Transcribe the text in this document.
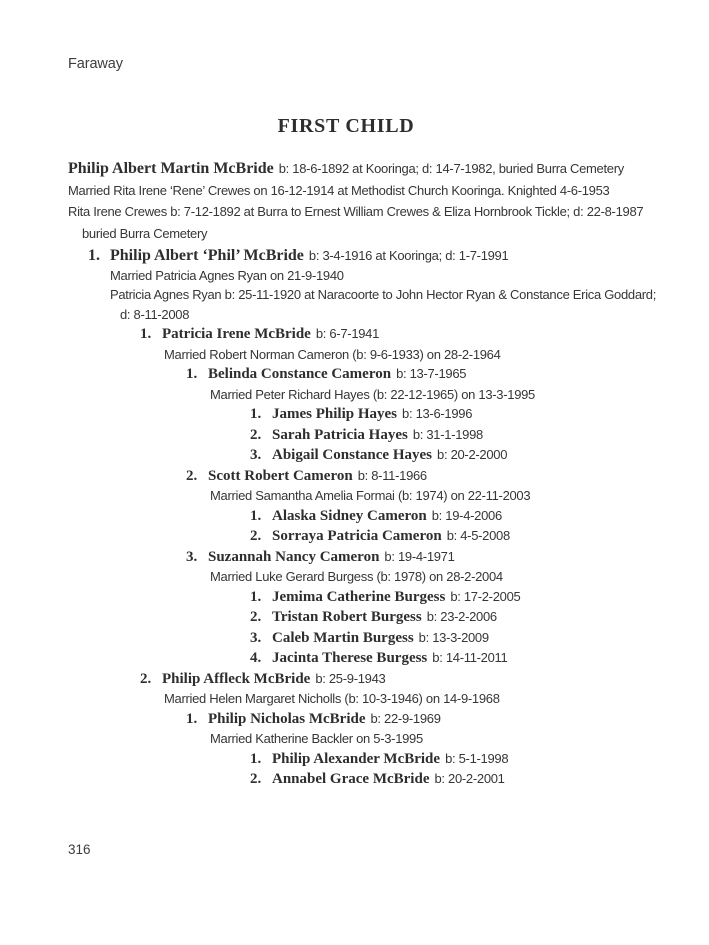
Faraway
FIRST CHILD

Philip Albert Martin McBride b: 18-6-1892 at Kooringa; d: 14-7-1982, buried Burra Cemetery

Married Rita Irene ‘Rene’ Crewes on 16-12-1914 at Methodist Church Kooringa. Knighted 4-6-1953

Rita Irene Crewes b: 7-12-1892 at Burra to Ernest William Crewes & Eliza Hornbrook Tickle; d: 22-8-1987

buried Burra Cemetery

1. Philip Albert ‘Phil’ McBride b: 3-4-1916 at Kooringa; d: 1-7-1991
Married Patricia Agnes Ryan on 21-9-1940
Patricia Agnes Ryan b: 25-11-1920 at Naracoorte to John Hector Ryan & Constance Erica Goddard;
d: 8-11-2008
1. Patricia Irene McBride b: 6-7-1941
Married Robert Norman Cameron (b: 9-6-1933) on 28-2-1964
1. Belinda Constance Cameron b: 13-7-1965
Married Peter Richard Hayes (b: 22-12-1965) on 13-3-1995
1. James Philip Hayes b: 13-6-1996
2. Sarah Patricia Hayes b: 31-1-1998
3. Abigail Constance Hayes b: 20-2-2000
2. Scott Robert Cameron b: 8-11-1966
Married Samantha Amelia Formai (b: 1974) on 22-11-2003
1. Alaska Sidney Cameron b: 19-4-2006
2. Sorraya Patricia Cameron b: 4-5-2008
3. Suzannah Nancy Cameron b: 19-4-1971
Married Luke Gerard Burgess (b: 1978) on 28-2-2004
1. Jemima Catherine Burgess b: 17-2-2005
2. Tristan Robert Burgess b: 23-2-2006
3. Caleb Martin Burgess b: 13-3-2009
4. Jacinta Therese Burgess b: 14-11-2011
2. Philip Affleck McBride b: 25-9-1943
Married Helen Margaret Nicholls (b: 10-3-1946) on 14-9-1968
1. Philip Nicholas McBride b: 22-9-1969
Married Katherine Backler on 5-3-1995
1. Philip Alexander McBride b: 5-1-1998
2. Annabel Grace McBride b: 20-2-2001
316
